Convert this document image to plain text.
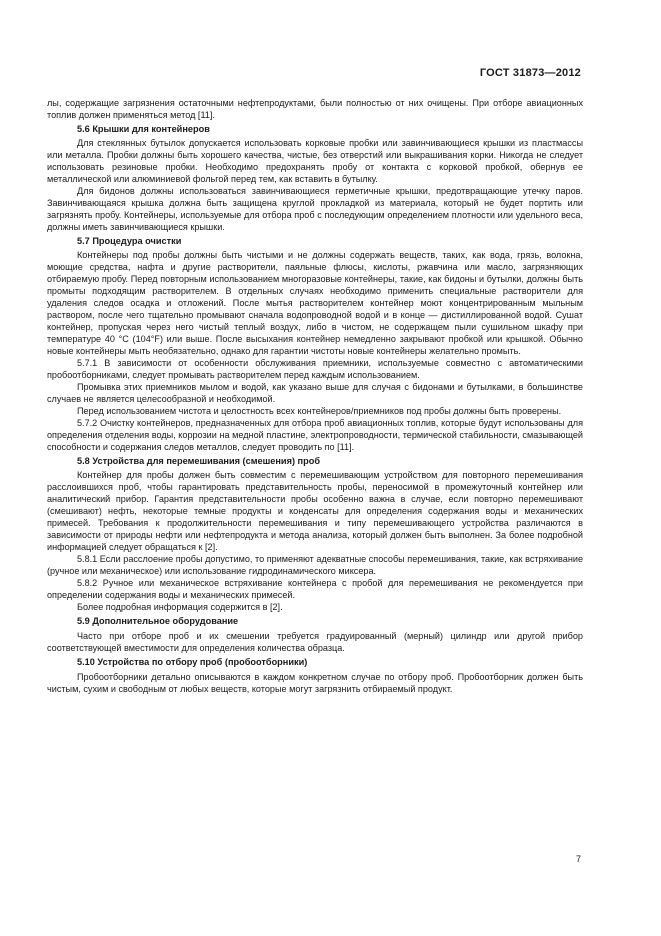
ГОСТ 31873—2012

лы, содержащие загрязнения остаточными нефтепродуктами, были полностью от них очищены. При отборе авиационных топлив должен применяться метод [11].

5.6 Крышки для контейнеров

Для стеклянных бутылок допускается использовать корковые пробки или завинчивающиеся крышки из пластмассы или металла. Пробки должны быть хорошего качества, чистые, без отверстий или выкрашивания корки. Никогда не следует использовать резиновые пробки. Необходимо предохранять пробу от контакта с корковой пробкой, обернув ее металлической или алюминиевой фольгой перед тем, как вставить в бутылку.

Для бидонов должны использоваться завинчивающиеся герметичные крышки, предотвращающие утечку паров. Завинчивающаяся крышка должна быть защищена круглой прокладкой из материала, который не будет портить или загрязнять пробу. Контейнеры, используемые для отбора проб с последующим определением плотности или удельного веса, должны иметь завинчивающиеся крышки.

5.7 Процедура очистки

Контейнеры под пробы должны быть чистыми и не должны содержать веществ, таких, как вода, грязь, волокна, моющие средства, нафта и другие растворители, паяльные флюсы, кислоты, ржавчина или масло, загрязняющих отбираемую пробу. Перед повторным использованием многоразовые контейнеры, такие, как бидоны и бутылки, должны быть промыты подходящим растворителем. В отдельных случаях необходимо применить специальные растворители для удаления следов осадка и отложений. После мытья растворителем контейнер моют концентрированным мыльным раствором, после чего тщательно промывают сначала водопроводной водой и в конце — дистиллированной водой. Сушат контейнер, пропуская через него чистый теплый воздух, либо в чистом, не содержащем пыли сушильном шкафу при температуре 40 °С (104°F) или выше. После высыхания контейнер немедленно закрывают пробкой или крышкой. Обычно новые контейнеры мыть необязательно, однако для гарантии чистоты новые контейнеры желательно промыть.

5.7.1 В зависимости от особенности обслуживания приемники, используемые совместно с автоматическими пробоотборниками, следует промывать растворителем перед каждым использованием.

Промывка этих приемников мылом и водой, как указано выше для случая с бидонами и бутылками, в большинстве случаев не является целесообразной и необходимой.

Перед использованием чистота и целостность всех контейнеров/приемников под пробы должны быть проверены.

5.7.2 Очистку контейнеров, предназначенных для отбора проб авиационных топлив, которые будут использованы для определения отделения воды, коррозии на медной пластине, электропроводности, термической стабильности, смазывающей способности и содержания следов металлов, следует проводить по [11].

5.8 Устройства для перемешивания (смешения) проб

Контейнер для пробы должен быть совместим с перемешивающим устройством для повторного перемешивания расслоившихся проб, чтобы гарантировать представительность пробы, переносимой в промежуточный контейнер или аналитический прибор. Гарантия представительности пробы особенно важна в случае, если повторно перемешивают (смешивают) нефть, некоторые темные продукты и конденсаты для определения содержания воды и механических примесей. Требования к продолжительности перемешивания и типу перемешивающего устройства различаются в зависимости от природы нефти или нефтепродукта и метода анализа, который должен быть выполнен. За более подробной информацией следует обращаться к [2].

5.8.1 Если расслоение пробы допустимо, то применяют адекватные способы перемешивания, такие, как встряхивание (ручное или механическое) или использование гидродинамического миксера.

5.8.2 Ручное или механическое встряхивание контейнера с пробой для перемешивания не рекомендуется при определении содержания воды и механических примесей.

Более подробная информация содержится в [2].

5.9 Дополнительное оборудование

Часто при отборе проб и их смешении требуется градуированный (мерный) цилиндр или другой прибор соответствующей вместимости для определения количества образца.

5.10 Устройства по отбору проб (пробоотборники)

Пробоотборники детально описываются в каждом конкретном случае по отбору проб. Пробоотборник должен быть чистым, сухим и свободным от любых веществ, которые могут загрязнить отбираемый продукт.

7
